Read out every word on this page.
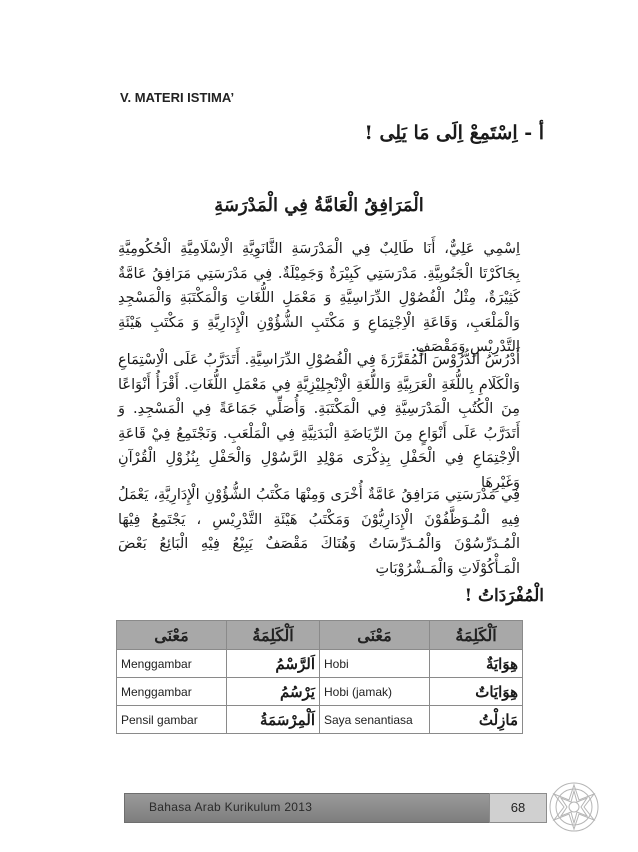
V. MATERI ISTIMA’
أ - اِسْتَمِعْ اِلَى مَا يَلِى !
الْمَرَافِقُ الْعَامَّةُ فِي الْمَدْرَسَةِ

اِسْمِي عَلِيٌّ، أَنَا طَالِبٌ فِي الْمَدْرَسَةِ الثَّانَوِيَّةِ الْاِسْلَامِيَّةِ الْحُكُومِيَّةِ بِجَاكَرْتَا الْجَنُوبِيَّةِ. مَدْرَسَتِي كَبِيْرَةٌ وَجَمِيْلَةٌ. فِي مَدْرَسَتِي مَرَافِقُ عَامَّةٌ كَثِيْرَةٌ، مِثْلُ الْفُصُوْلِ الدِّرَاسِيَّةِ وَ مَعْمَلِ اللُّغَاتِ وَالْمَكْتَبَةِ وَالْمَسْجِدِ وَالْمَلْعَبِ، وَقَاعَةِ الْاِجْتِمَاعِ وَ مَكْتَبِ الشُّؤُوْنِ الْإِدَارِيَّةِ وَ مَكْتَبِ هَيْئَةِ التَّدْرِيْسِ وَمَقْصَفٍ.

أَدْرُسُ الدُّرُوْسَ الْمُقَرَّرَةَ فِي الْفُصُوْلِ الدِّرَاسِيَّةِ. أَتَدَرَّبُ عَلَى الْاِسْتِمَاعِ وَالْكَلَامِ بِاللُّغَةِ الْعَرَبِيَّةِ وَاللُّغَةِ الْاِنْجِلِيْزِيَّةِ فِي مَعْمَلِ اللُّغَاتِ. أَقْرَأُ أَنْوَاعًا مِنَ الْكُتُبِ الْمَدْرَسِيَّةِ فِي الْمَكْتَبَةِ. وَأُصَلِّي جَمَاعَةً فِي الْمَسْجِدِ. وَ أَتَدَرَّبُ عَلَى أَنْوَاعٍ مِنَ الرِّيَاضَةِ الْبَدَنِيَّةِ فِي الْمَلْعَبِ. وَنَجْتَمِعُ فِيْ قَاعَةِ الْاِجْتِمَاعِ فِي الْحَفْلِ بِذِكْرَى مَوْلِدِ الرَّسُوْلِ وَالْحَفْلِ بِنُزُوْلِ الْقُرْآنِ وَغَيْرِهَا

فِي مَدْرَسَتِي مَرَافِقُ عَامَّةٌ أُخْرَى وَمِنْهَا مَكْتَبُ الشُّؤُوْنِ الْإِدَارِيَّةِ، يَعْمَلُ فِيهِ الْمُـوَظَّفُوْنَ الْإِدَارِيُّوْنَ وَمَكْتَبُ هَيْئَةِ التَّدْرِيْسِ ، يَجْتَمِعُ فِيْهَا الْمُـدَرِّسُوْنَ وَالْمُـدَرِّسَاتُ وَهُنَاكَ مَقْصَفٌ يَبِيْعُ فِيْهِ الْبَائِعُ بَعْضَ الْمَـأْكُوْلَاتِ وَالْمَـشْرُوْبَاتِ

الْمُفْرَدَاتُ !
مَعْنَى	اَلْكَلِمَةُ	مَعْنَى	اَلْكَلِمَةُ
Menggambar	اَلرَّسْمُ	Hobi	هِوَايَةٌ
Menggambar	يَرْسُمُ	Hobi (jamak)	هِوَايَاتٌ
Pensil gambar	اَلْمِرْسَمَةُ	Saya senantiasa	مَازِلْتُ
Bahasa Arab Kurikulum 2013	68
